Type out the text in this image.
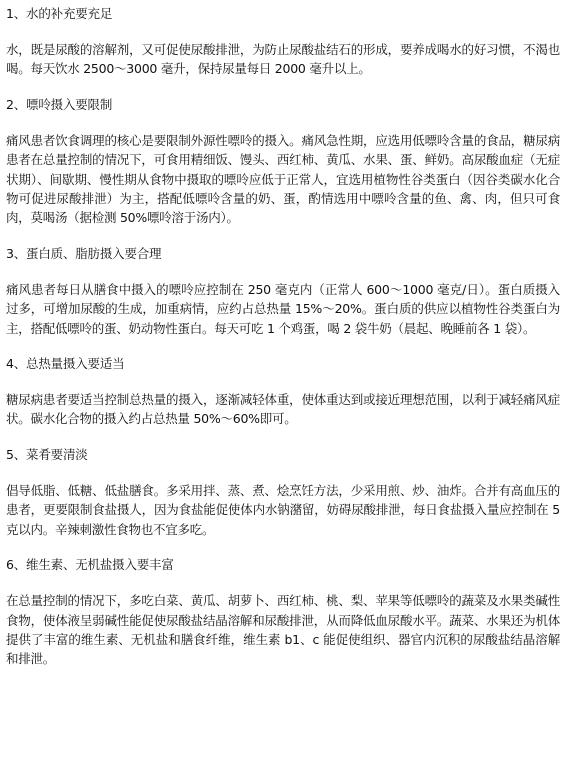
1、水的补充要充足
水，既是尿酸的溶解剂，又可促使尿酸排泄，为防止尿酸盐结石的形成，要养成喝水的好习惯，不渴也喝。每天饮水 2500～3000 毫升，保持尿量每日 2000 毫升以上。
2、嘌呤摄入要限制
痛风患者饮食调理的核心是要限制外源性嘌呤的摄入。痛风急性期，应选用低嘌呤含量的食品，糖尿病患者在总量控制的情况下，可食用精细饭、馒头、西红柿、黄瓜、水果、蛋、鲜奶。高尿酸血症（无症状期）、间歇期、慢性期从食物中摄取的嘌呤应低于正常人，宜选用植物性谷类蛋白（因谷类碳水化合物可促进尿酸排泄）为主，搭配低嘌呤含量的奶、蛋，酌情选用中嘌呤含量的鱼、禽、肉，但只可食肉，莫喝汤（据检测 50%嘌呤溶于汤内）。
3、蛋白质、脂肪摄入要合理
痛风患者每日从膳食中摄入的嘌呤应控制在 250 毫克内（正常人 600～1000 毫克/日）。蛋白质摄入过多，可增加尿酸的生成，加重病情，应约占总热量 15%～20%。蛋白质的供应以植物性谷类蛋白为主，搭配低嘌呤的蛋、奶动物性蛋白。每天可吃 1 个鸡蛋，喝 2 袋牛奶（晨起、晚睡前各 1 袋）。
4、总热量摄入要适当
糖尿病患者要适当控制总热量的摄入，逐渐减轻体重，使体重达到或接近理想范围，以利于减轻痛风症状。碳水化合物的摄入约占总热量 50%～60%即可。
5、菜肴要清淡
倡导低脂、低糖、低盐膳食。多采用拌、蒸、煮、烩烹饪方法，少采用煎、炒、油炸。合并有高血压的患者，更要限制食盐摄人，因为食盐能促使体内水钠潴留，妨碍尿酸排泄，每日食盐摄入量应控制在 5 克以内。辛辣刺激性食物也不宜多吃。
6、维生素、无机盐摄入要丰富
在总量控制的情况下，多吃白菜、黄瓜、胡萝卜、西红柿、桃、梨、苹果等低嘌呤的蔬菜及水果类碱性食物，使体液呈弱碱性能促使尿酸盐结晶溶解和尿酸排泄，从而降低血尿酸水平。蔬菜、水果还为机体提供了丰富的维生素、无机盐和膳食纤维，维生素 b1、c 能促使组织、器官内沉积的尿酸盐结晶溶解和排泄。
